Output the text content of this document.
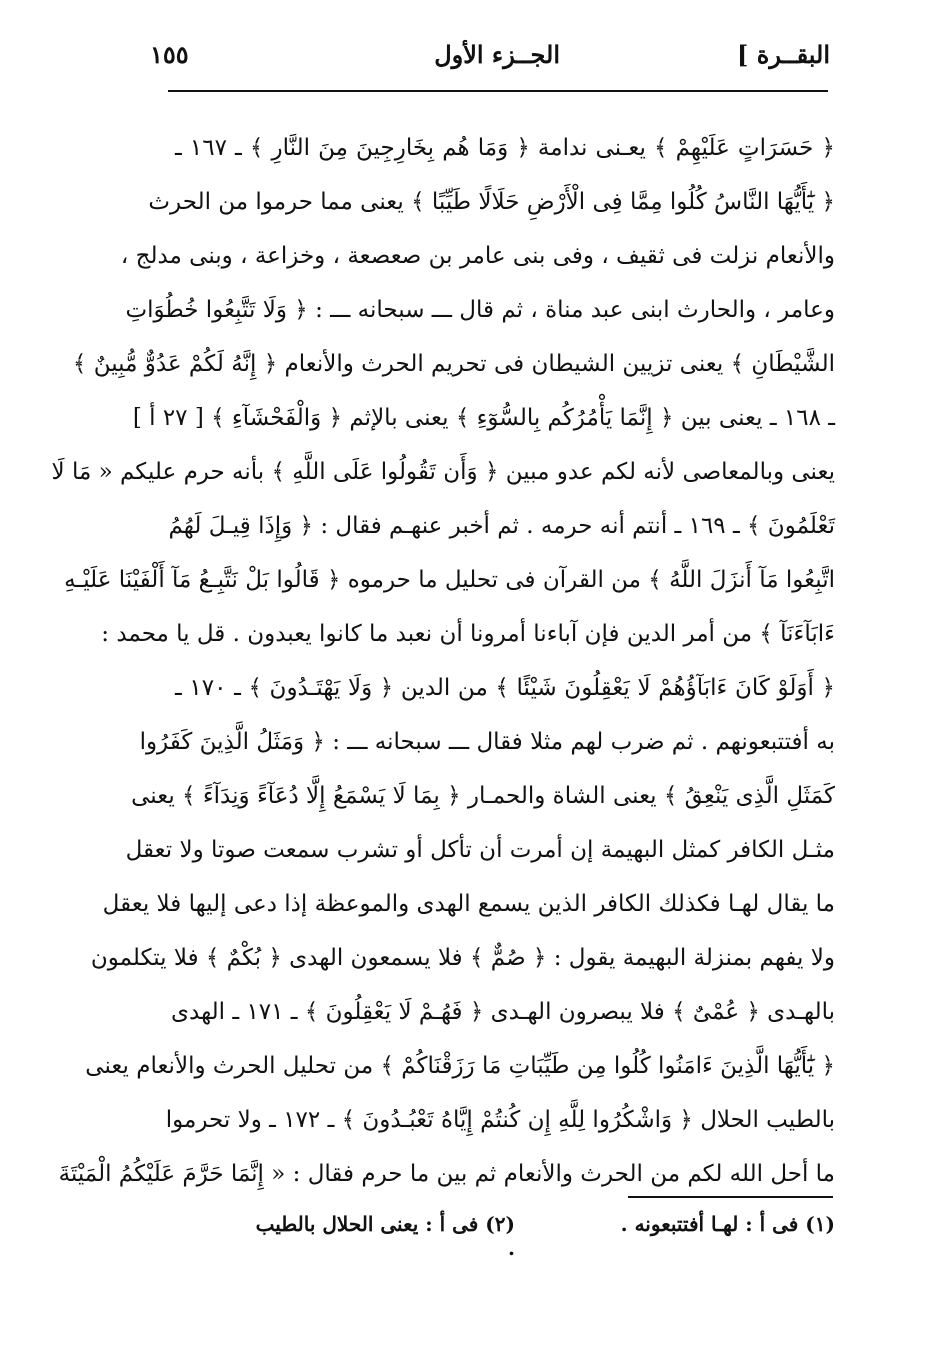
البقــرة ]
الجــزء الأول
١٥٥
﴿ حَسَرَاتٍ عَلَيْهِمْ ﴾ يعـنى ندامة ﴿ وَمَا هُم بِخَارِجِينَ مِنَ النَّارِ ﴾ ـ ١٦٧ ـ
﴿ يَٰٓأَيُّهَا النَّاسُ كُلُوا مِمَّا فِى الْأَرْضِ حَلَالًا طَيِّبًا ﴾ يعنى مما حرموا من الحرث
والأنعام نزلت فى ثقيف ، وفى بنى عامر بن صعصعة ، وخزاعة ، وبنى مدلج ،
وعامر ، والحارث ابنى عبد مناة ، ثم قال ـــ سبحانه ـــ : ﴿ وَلَا تَتَّبِعُوا خُطُوَاتِ
الشَّيْطَانِ ﴾ يعنى تزيين الشيطان فى تحريم الحرث والأنعام ﴿ إِنَّهُ لَكُمْ عَدُوٌّ مُّبِينٌ ﴾
ـ ١٦٨ ـ يعنى بين ﴿ إِنَّمَا يَأْمُرُكُم بِالسُّوٓءِ ﴾ يعنى بالإثم ﴿ وَالْفَحْشَآءِ ﴾ [ ٢٧ أ ]
يعنى وبالمعاصى لأنه لكم عدو مبين ﴿ وَأَن تَقُولُوا عَلَى اللَّهِ ﴾ بأنه حرم عليكم « مَا لَا
تَعْلَمُونَ ﴾ ـ ١٦٩ ـ أنتم أنه حرمه . ثم أخبر عنهـم فقال : ﴿ وَإِذَا قِيـلَ لَهُمُ
اتَّبِعُوا مَآ أَنزَلَ اللَّهُ ﴾ من القرآن فى تحليل ما حرموه ﴿ قَالُوا بَلْ نَتَّبِـعُ مَآ أَلْفَيْنَا عَلَيْـهِ
ءَابَآءَنَآ ﴾ من أمر الدين فإن آباءنا أمرونا أن نعبد ما كانوا يعبدون . قل يا محمد :
﴿ أَوَلَوْ كَانَ ءَابَآؤُهُمْ لَا يَعْقِلُونَ شَيْئًا ﴾ من الدين ﴿ وَلَا يَهْتَـدُونَ ﴾ ـ ١٧٠ ـ
به أفتتبعونهم . ثم ضرب لهم مثلا فقال ـــ سبحانه ـــ : ﴿ وَمَثَلُ الَّذِينَ كَفَرُوا
كَمَثَلِ الَّذِى يَنْعِقُ ﴾ يعنى الشاة والحمـار ﴿ بِمَا لَا يَسْمَعُ إِلَّا دُعَآءً وَنِدَآءً ﴾ يعنى
مثـل الكافر كمثل البهيمة إن أمرت أن تأكل أو تشرب سمعت صوتا ولا تعقل
ما يقال لهـا فكذلك الكافر الذين يسمع الهدى والموعظة إذا دعى إليها فلا يعقل
ولا يفهم بمنزلة البهيمة يقول : ﴿ صُمٌّ ﴾ فلا يسمعون الهدى ﴿ بُكْمٌ ﴾ فلا يتكلمون
بالهـدى ﴿ عُمْىٌ ﴾ فلا يبصرون الهـدى ﴿ فَهُـمْ لَا يَعْقِلُونَ ﴾ ـ ١٧١ ـ الهدى
﴿ يَٰٓأَيُّهَا الَّذِينَ ءَامَنُوا كُلُوا مِن طَيِّبَاتِ مَا رَزَقْنَاكُمْ ﴾ من تحليل الحرث والأنعام يعنى
بالطيب الحلال ﴿ وَاشْكُرُوا لِلَّهِ إِن كُنتُمْ إِيَّاهُ تَعْبُـدُونَ ﴾ ـ ١٧٢ ـ ولا تحرموا
ما أحل الله لكم من الحرث والأنعام ثم بين ما حرم فقال : « إِنَّمَا حَرَّمَ عَلَيْكُمُ الْمَيْتَةَ
(١) فى أ : لهـا أفتتبعونه .
(٢) فى أ : يعنى الحلال بالطيب .
